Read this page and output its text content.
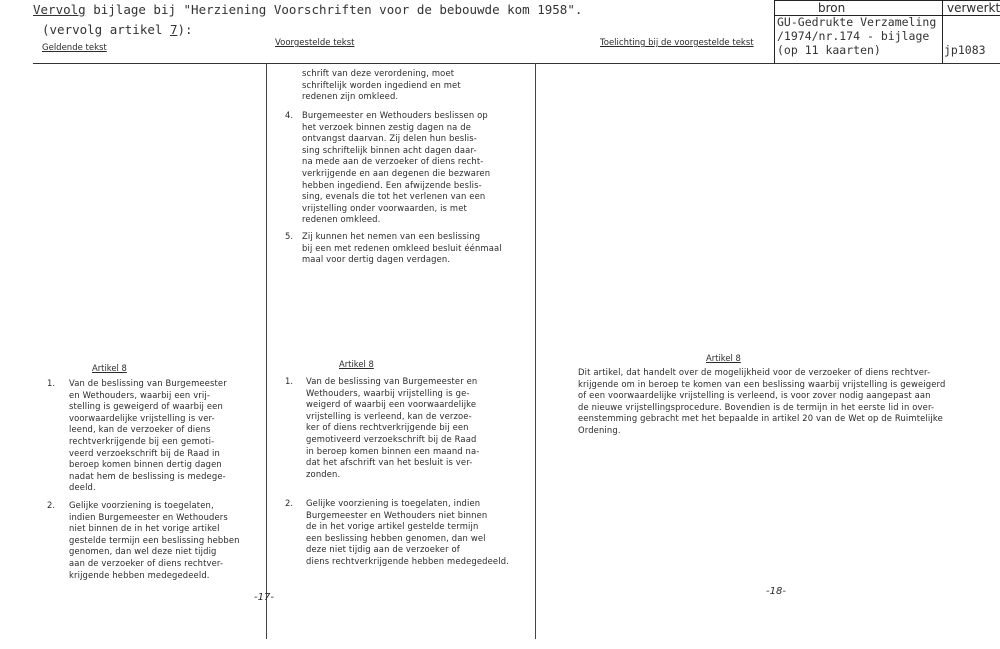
Vervolg bijlage bij "Herziening Voorschriften voor de bebouwde kom 1958".
(vervolg artikel 7):
Geldende tekst	Voorgestelde tekst	Toelichting bij de voorgestelde tekst
bron	verwerkt
GU-Gedrukte Verzameling
/1974/nr.174 - bijlage
(op 11 kaarten)	jp1083
schrift van deze verordening, moet
schriftelijk worden ingediend en met
redenen zijn omkleed.
4. Burgemeester en Wethouders beslissen op
het verzoek binnen zestig dagen na de
ontvangst daarvan. Zij delen hun beslis-
sing schriftelijk binnen acht dagen daar-
na mede aan de verzoeker of diens recht-
verkrijgende en aan degenen die bezwaren
hebben ingediend. Een afwijzende beslis-
sing, evenals die tot het verlenen van een
vrijstelling onder voorwaarden, is met
redenen omkleed.
5. Zij kunnen het nemen van een beslissing
bij een met redenen omkleed besluit éénmaal
maal voor dertig dagen verdagen.
Artikel 8
1. Van de beslissing van Burgemeester
en Wethouders, waarbij een vrij-
stelling is geweigerd of waarbij een
voorwaardelijke vrijstelling is ver-
leend, kan de verzoeker of diens
rechtverkrijgende bij een gemoti-
veerd verzoekschrift bij de Raad in
beroep komen binnen dertig dagen
nadat hem de beslissing is medege-
deeld.
2. Gelijke voorziening is toegelaten,
indien Burgemeester en Wethouders
niet binnen de in het vorige artikel
gestelde termijn een beslissing hebben
genomen, dan wel deze niet tijdig
aan de verzoeker of diens rechtver-
krijgende hebben medegedeeld.
Artikel 8
1. Van de beslissing van Burgemeester en
Wethouders, waarbij vrijstelling is ge-
weigerd of waarbij een voorwaardelijke
vrijstelling is verleend, kan de verzoe-
ker of diens rechtverkrijgende bij een
gemotiveerd verzoekschrift bij de Raad
in beroep komen binnen een maand na-
dat het afschrift van het besluit is ver-
zonden.
2. Gelijke voorziening is toegelaten, indien
Burgemeester en Wethouders niet binnen
de in het vorige artikel gestelde termijn
een beslissing hebben genomen, dan wel
deze niet tijdig aan de verzoeker of
diens rechtverkrijgende hebben medegedeeld.
Artikel 8
Dit artikel, dat handelt over de mogelijkheid voor de verzoeker of diens rechtver-
krijgende om in beroep te komen van een beslissing waarbij vrijstelling is geweigerd
of een voorwaardelijke vrijstelling is verleend, is voor zover nodig aangepast aan
de nieuwe vrijstellingsprocedure. Bovendien is de termijn in het eerste lid in over-
eenstemming gebracht met het bepaalde in artikel 20 van de Wet op de Ruimtelijke
Ordening.
-17-
-18-
